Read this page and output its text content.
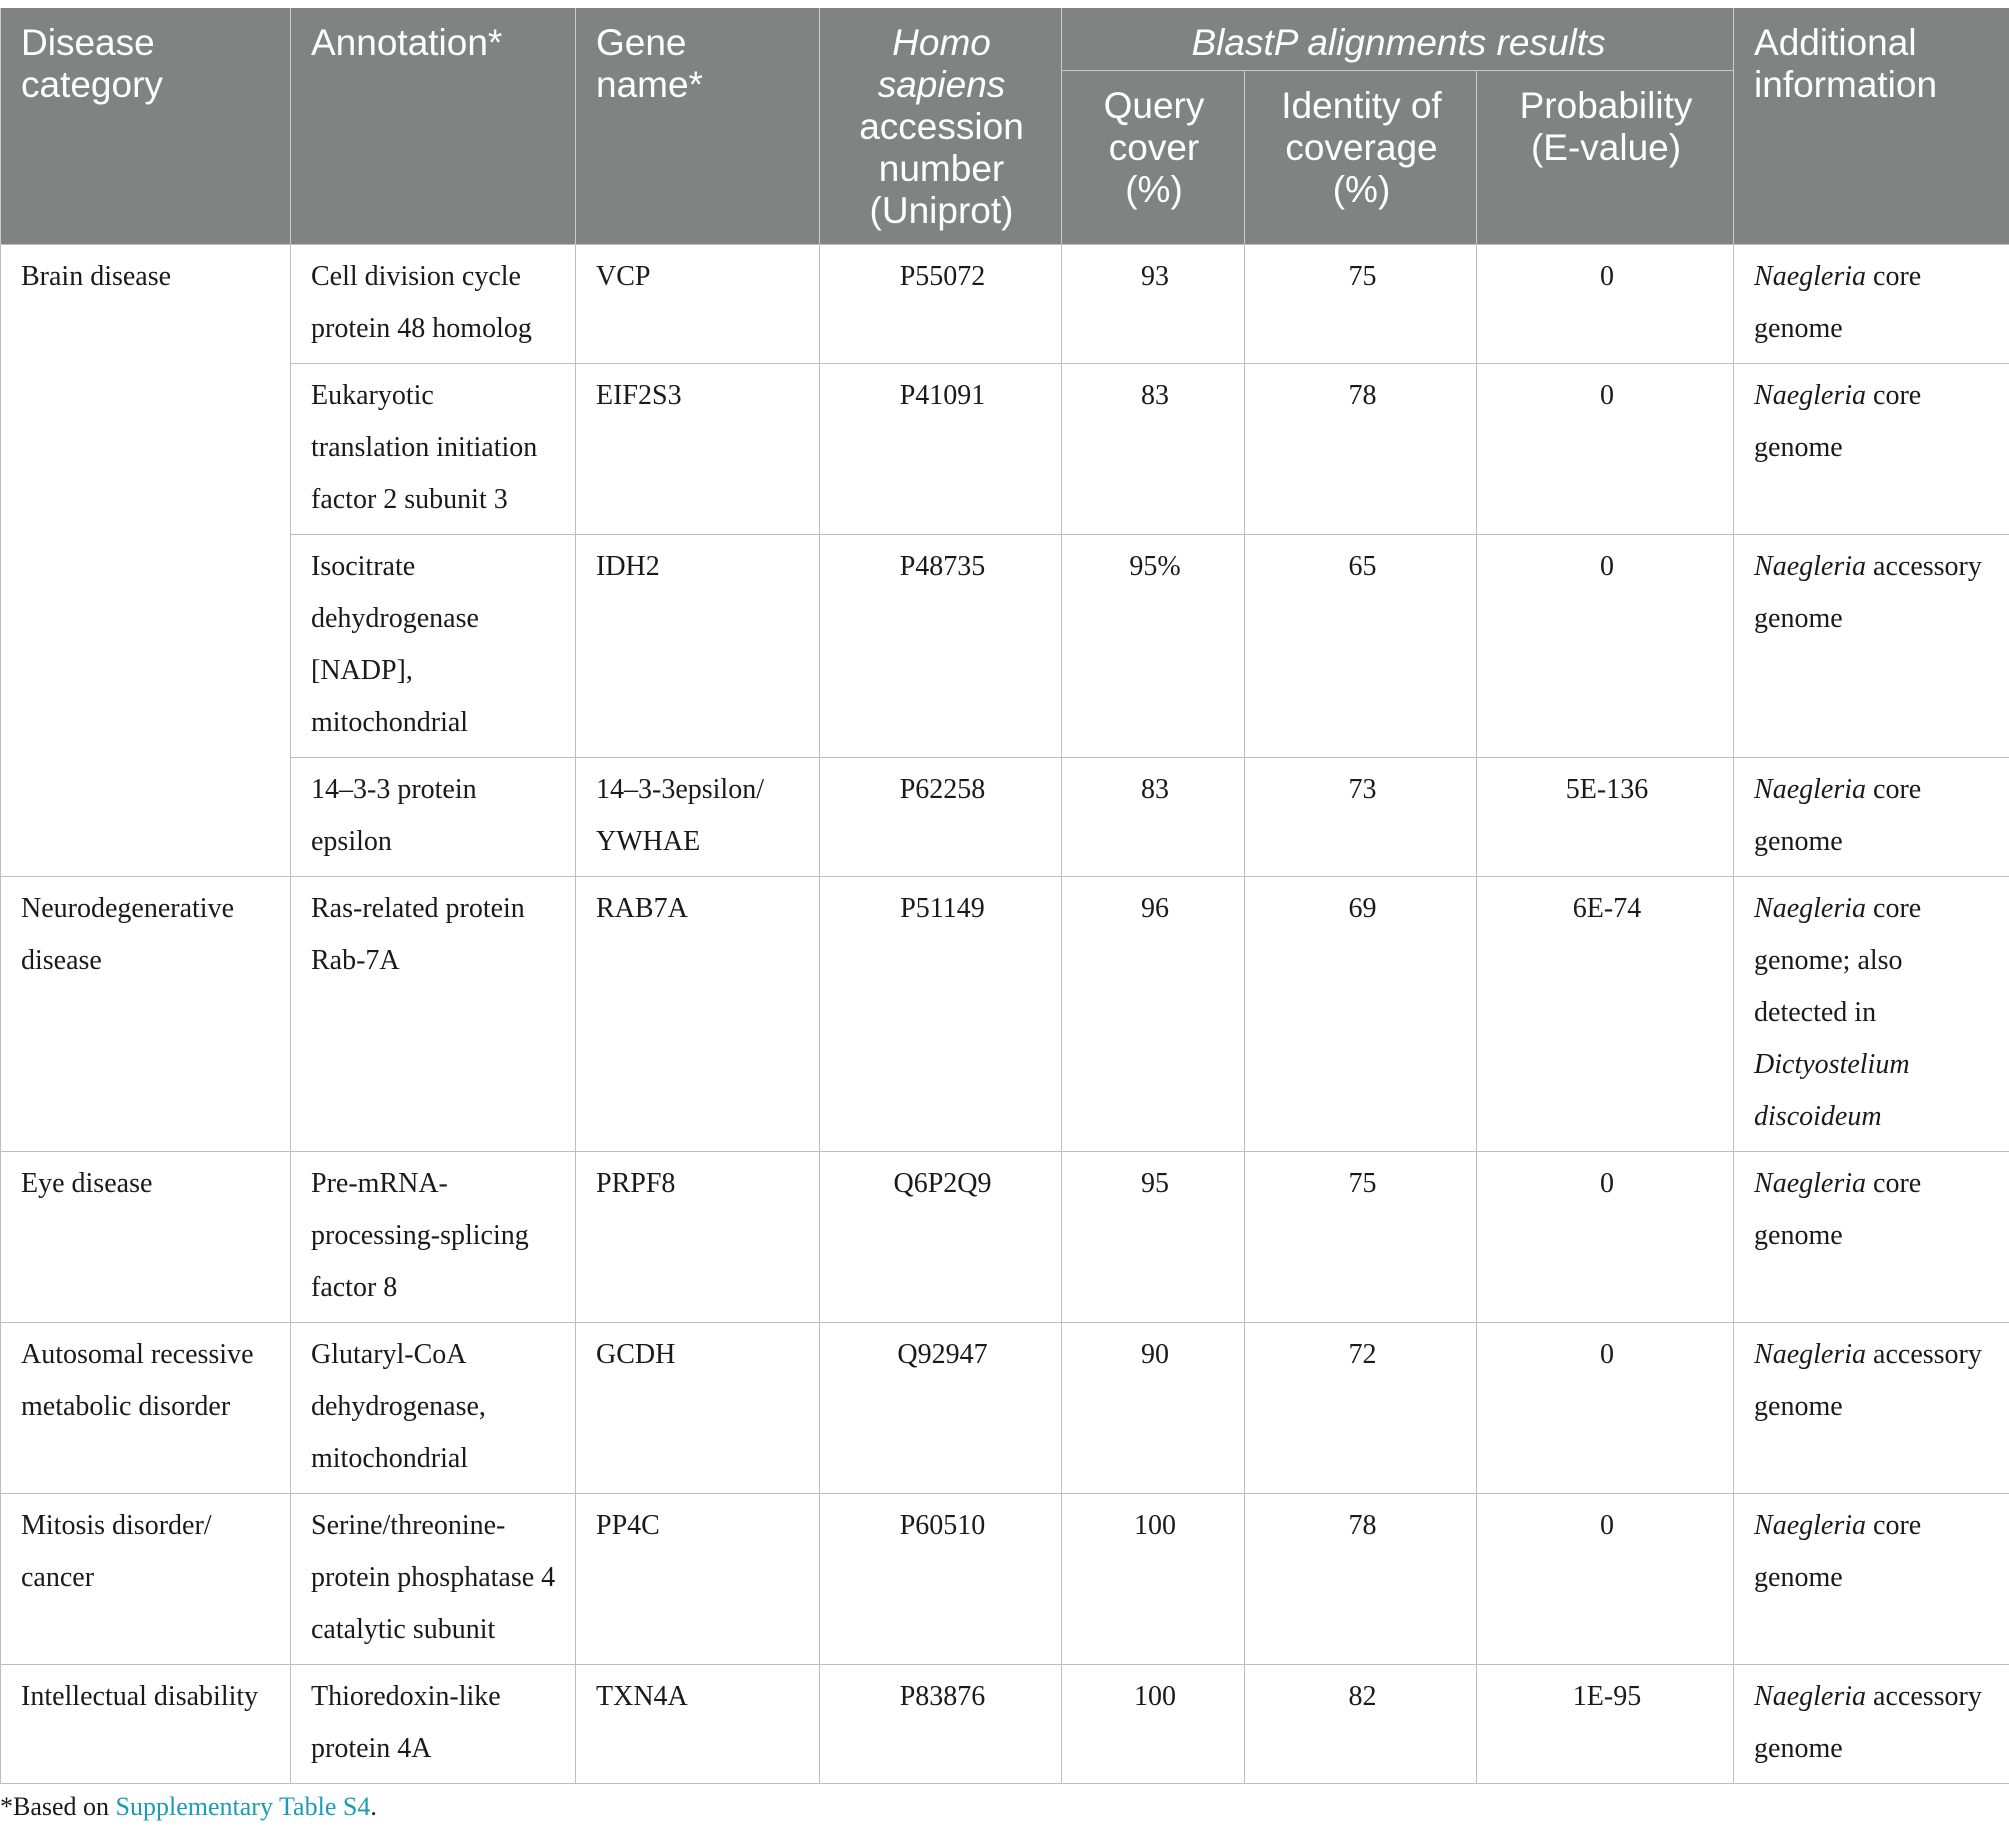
Disease category	Annotation*	Gene name*	Homo sapiens accession number (Uniprot)	BlastP alignments results			Additional information
				Query cover (%)	Identity of coverage (%)	Probability (E-value)	
Brain disease	Cell division cycle protein 48 homolog	VCP	P55072	93	75	0	Naegleria core genome
	Eukaryotic translation initiation factor 2 subunit 3	EIF2S3	P41091	83	78	0	Naegleria core genome
	Isocitrate dehydrogenase [NADP], mitochondrial	IDH2	P48735	95%	65	0	Naegleria accessory genome
	14–3-3 protein epsilon	14–3-3epsilon/ YWHAE	P62258	83	73	5E-136	Naegleria core genome
Neurodegenerative disease	Ras-related protein Rab-7A	RAB7A	P51149	96	69	6E-74	Naegleria core genome; also detected in Dictyostelium discoideum
Eye disease	Pre-mRNA-processing-splicing factor 8	PRPF8	Q6P2Q9	95	75	0	Naegleria core genome
Autosomal recessive metabolic disorder	Glutaryl-CoA dehydrogenase, mitochondrial	GCDH	Q92947	90	72	0	Naegleria accessory genome
Mitosis disorder/ cancer	Serine/threonine-protein phosphatase 4 catalytic subunit	PP4C	P60510	100	78	0	Naegleria core genome
Intellectual disability	Thioredoxin-like protein 4A	TXN4A	P83876	100	82	1E-95	Naegleria accessory genome
*Based on Supplementary Table S4.
